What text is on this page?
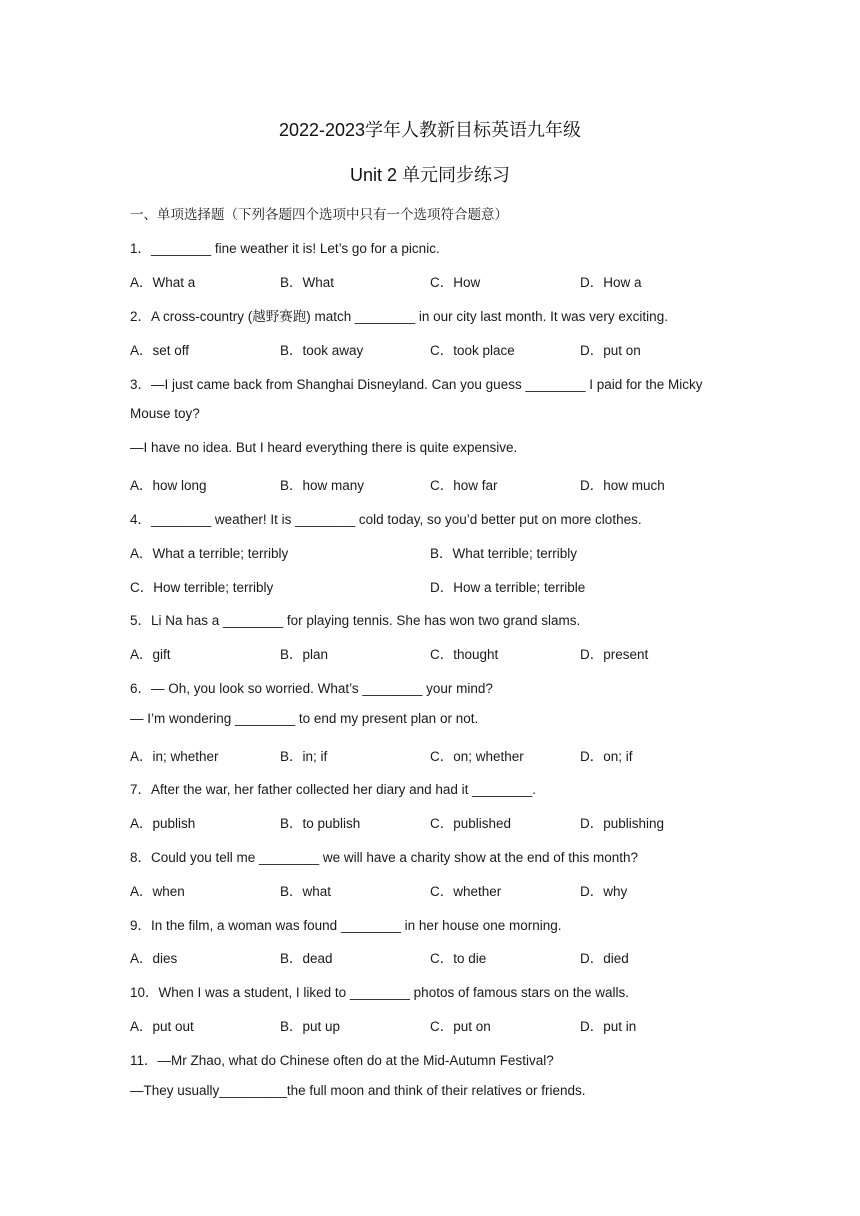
2022-2023学年人教新目标英语九年级
Unit 2 单元同步练习
一、单项选择题（下列各题四个选项中只有一个选项符合题意）
1．________ fine weather it is! Let’s go for a picnic.
A．What a	B．What	C．How	D．How a
2．A cross-country (越野赛跑) match ________ in our city last month. It was very exciting.
A．set off	B．took away	C．took place	D．put on
3．—I just came back from Shanghai Disneyland. Can you guess ________ I paid for the Micky
Mouse toy?
—I have no idea. But I heard everything there is quite expensive.
A．how long	B．how many	C．how far	D．how much
4．________ weather! It is ________ cold today, so you’d better put on more clothes.
A．What a terrible; terribly	B．What terrible; terribly
C．How terrible; terribly	D．How a terrible; terrible
5．Li Na has a ________ for playing tennis. She has won two grand slams.
A．gift	B．plan	C．thought	D．present
6．— Oh, you look so worried. What’s ________ your mind?
— I’m wondering ________ to end my present plan or not.
A．in; whether	B．in; if	C．on; whether	D．on; if
7．After the war, her father collected her diary and had it ________.
A．publish	B．to publish	C．published	D．publishing
8．Could you tell me ________ we will have a charity show at the end of this month?
A．when	B．what	C．whether	D．why
9．In the film, a woman was found ________ in her house one morning.
A．dies	B．dead	C．to die	D．died
10．When I was a student, I liked to ________ photos of famous stars on the walls.
A．put out	B．put up	C．put on	D．put in
11．—Mr Zhao, what do Chinese often do at the Mid-Autumn Festival?
—They usually_________the full moon and think of their relatives or friends.
